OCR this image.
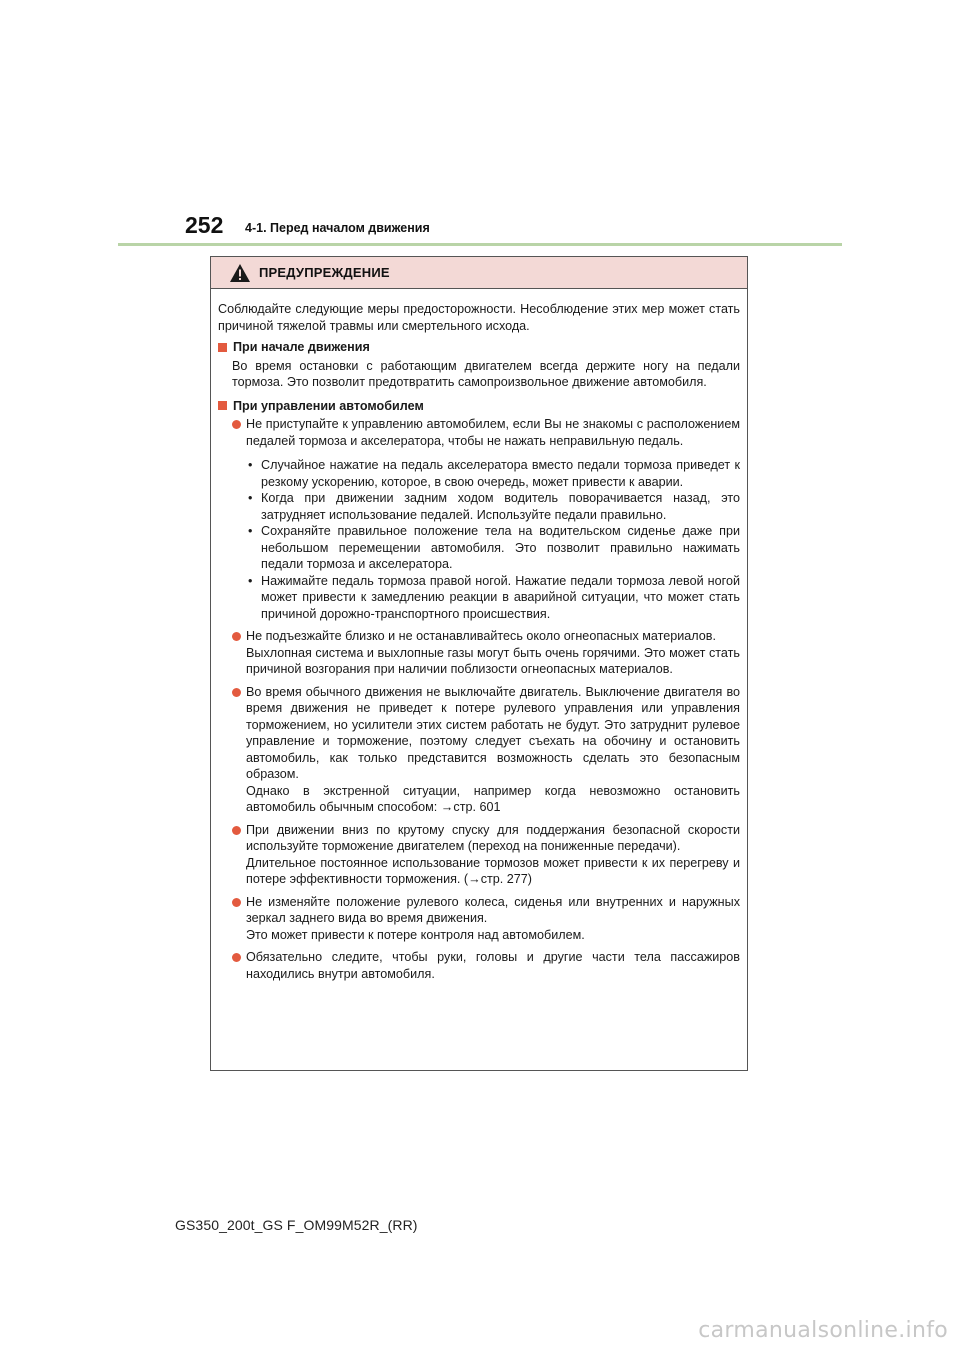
252 4-1. Перед началом движения
ПРЕДУПРЕЖДЕНИЕ

Соблюдайте следующие меры предосторожности. Несоблюдение этих мер может стать причиной тяжелой травмы или смертельного исхода.

При начале движения

Во время остановки с работающим двигателем всегда держите ногу на педали тормоза. Это позволит предотвратить самопроизвольное движение автомобиля.

При управлении автомобилем
Не приступайте к управлению автомобилем, если Вы не знакомы с расположением педалей тормоза и акселератора, чтобы не нажать неправильную педаль.
• Случайное нажатие на педаль акселератора вместо педали тормоза приведет к резкому ускорению, которое, в свою очередь, может привести к аварии.
• Когда при движении задним ходом водитель поворачивается назад, это затрудняет использование педалей. Используйте педали правильно.
• Сохраняйте правильное положение тела на водительском сиденье даже при небольшом перемещении автомобиля. Это позволит правильно нажимать педали тормоза и акселератора.
• Нажимайте педаль тормоза правой ногой. Нажатие педали тормоза левой ногой может привести к замедлению реакции в аварийной ситуации, что может стать причиной дорожно-транспортного происшествия.
Не подъезжайте близко и не останавливайтесь около огнеопасных материалов.
Выхлопная система и выхлопные газы могут быть очень горячими. Это может стать причиной возгорания при наличии поблизости огнеопасных материалов.
Во время обычного движения не выключайте двигатель. Выключение двигателя во время движения не приведет к потере рулевого управления или управления торможением, но усилители этих систем работать не будут. Это затруднит рулевое управление и торможение, поэтому следует съехать на обочину и остановить автомобиль, как только представится возможность сделать это безопасным образом.
Однако в экстренной ситуации, например когда невозможно остановить автомобиль обычным способом: →стр. 601
При движении вниз по крутому спуску для поддержания безопасной скорости используйте торможение двигателем (переход на пониженные передачи).
Длительное постоянное использование тормозов может привести к их перегреву и потере эффективности торможения. (→стр. 277)
Не изменяйте положение рулевого колеса, сиденья или внутренних и наружных зеркал заднего вида во время движения.
Это может привести к потере контроля над автомобилем.
Обязательно следите, чтобы руки, головы и другие части тела пассажиров находились внутри автомобиля.
GS350_200t_GS F_OM99M52R_(RR)
carmanualsonline.info
